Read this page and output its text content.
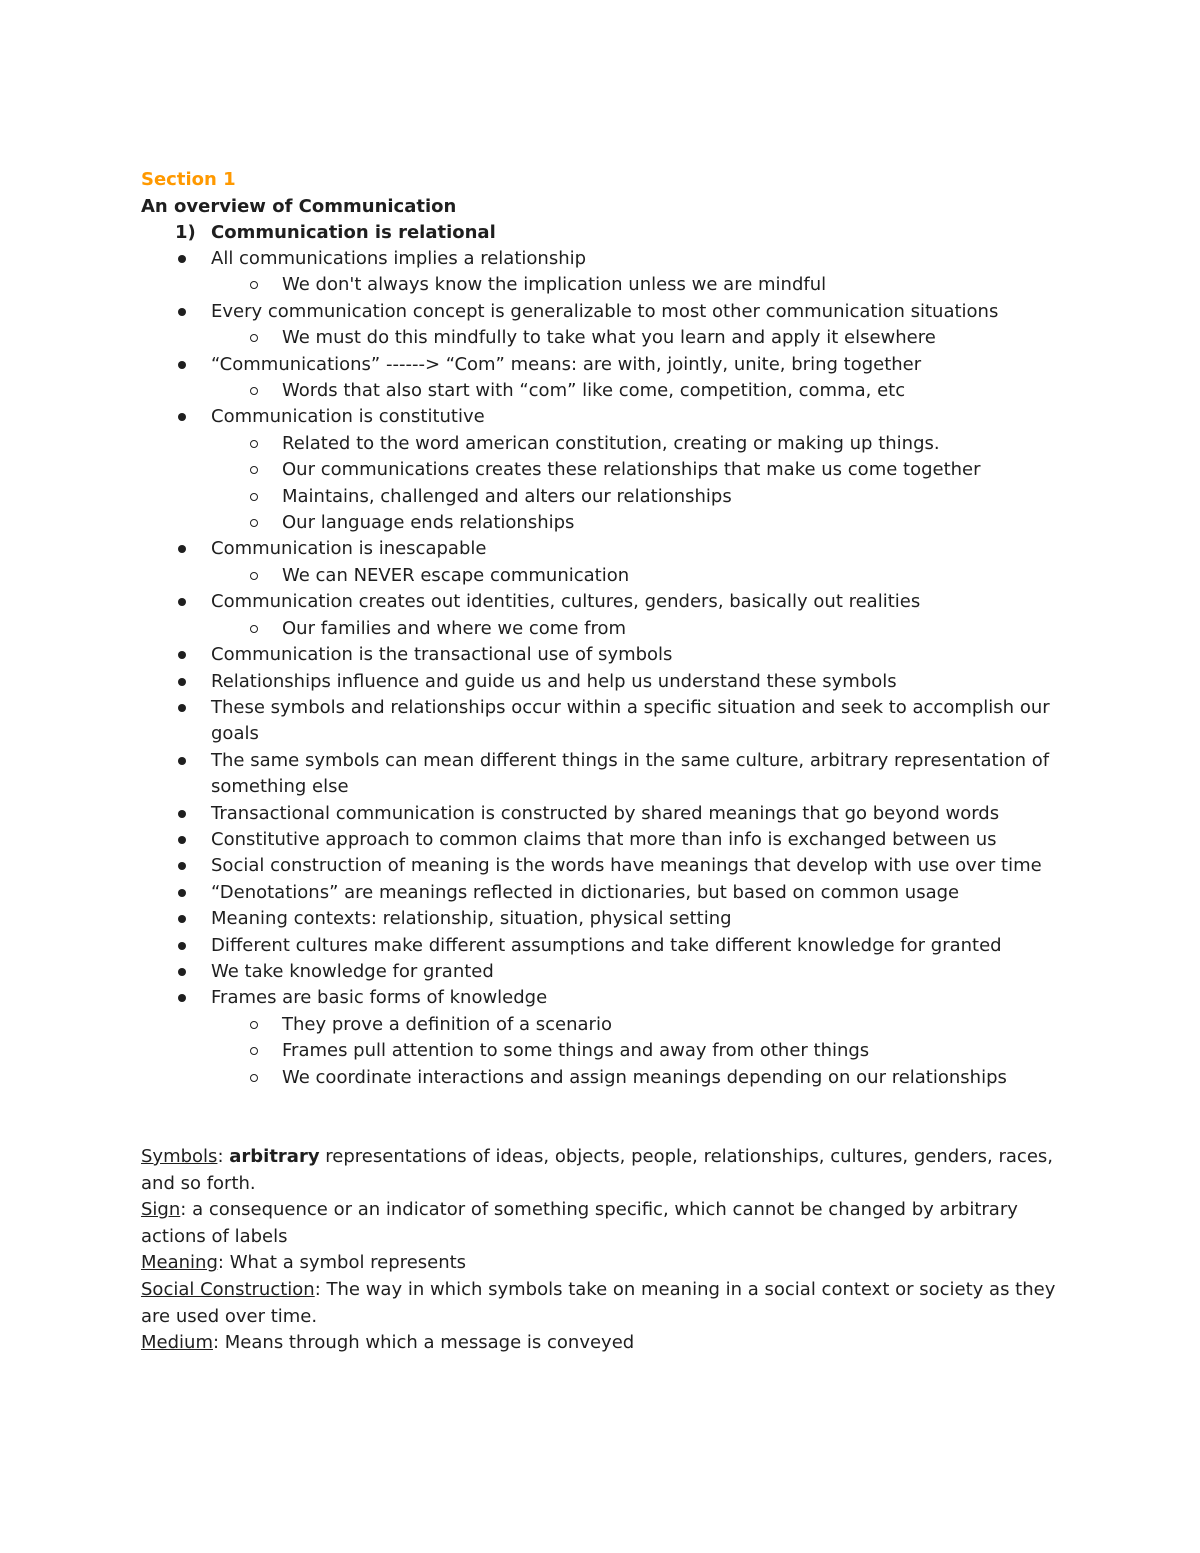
Section 1

An overview of Communication

1) Communication is relational
All communications implies a relationship
We don't always know the implication unless we are mindful
Every communication concept is generalizable to most other communication situations
We must do this mindfully to take what you learn and apply it elsewhere
“Communications” ------> “Com” means: are with, jointly, unite, bring together
Words that also start with “com” like come, competition, comma, etc
Communication is constitutive
Related to the word american constitution, creating or making up things.
Our communications creates these relationships that make us come together
Maintains, challenged and alters our relationships
Our language ends relationships
Communication is inescapable
We can NEVER escape communication
Communication creates out identities, cultures, genders, basically out realities
Our families and where we come from
Communication is the transactional use of symbols
Relationships influence and guide us and help us understand these symbols
These symbols and relationships occur within a specific situation and seek to accomplish our goals
The same symbols can mean different things in the same culture, arbitrary representation of something else
Transactional communication is constructed by shared meanings that go beyond words
Constitutive approach to common claims that more than info is exchanged between us
Social construction of meaning is the words have meanings that develop with use over time
“Denotations” are meanings reflected in dictionaries, but based on common usage
Meaning contexts: relationship, situation, physical setting
Different cultures make different assumptions and take different knowledge for granted
We take knowledge for granted
Frames are basic forms of knowledge
They prove a definition of a scenario
Frames pull attention to some things and away from other things
We coordinate interactions and assign meanings depending on our relationships

Symbols: arbitrary representations of ideas, objects, people, relationships, cultures, genders, races, and so forth.

Sign: a consequence or an indicator of something specific, which cannot be changed by arbitrary actions of labels

Meaning: What a symbol represents

Social Construction: The way in which symbols take on meaning in a social context or society as they are used over time.

Medium: Means through which a message is conveyed
